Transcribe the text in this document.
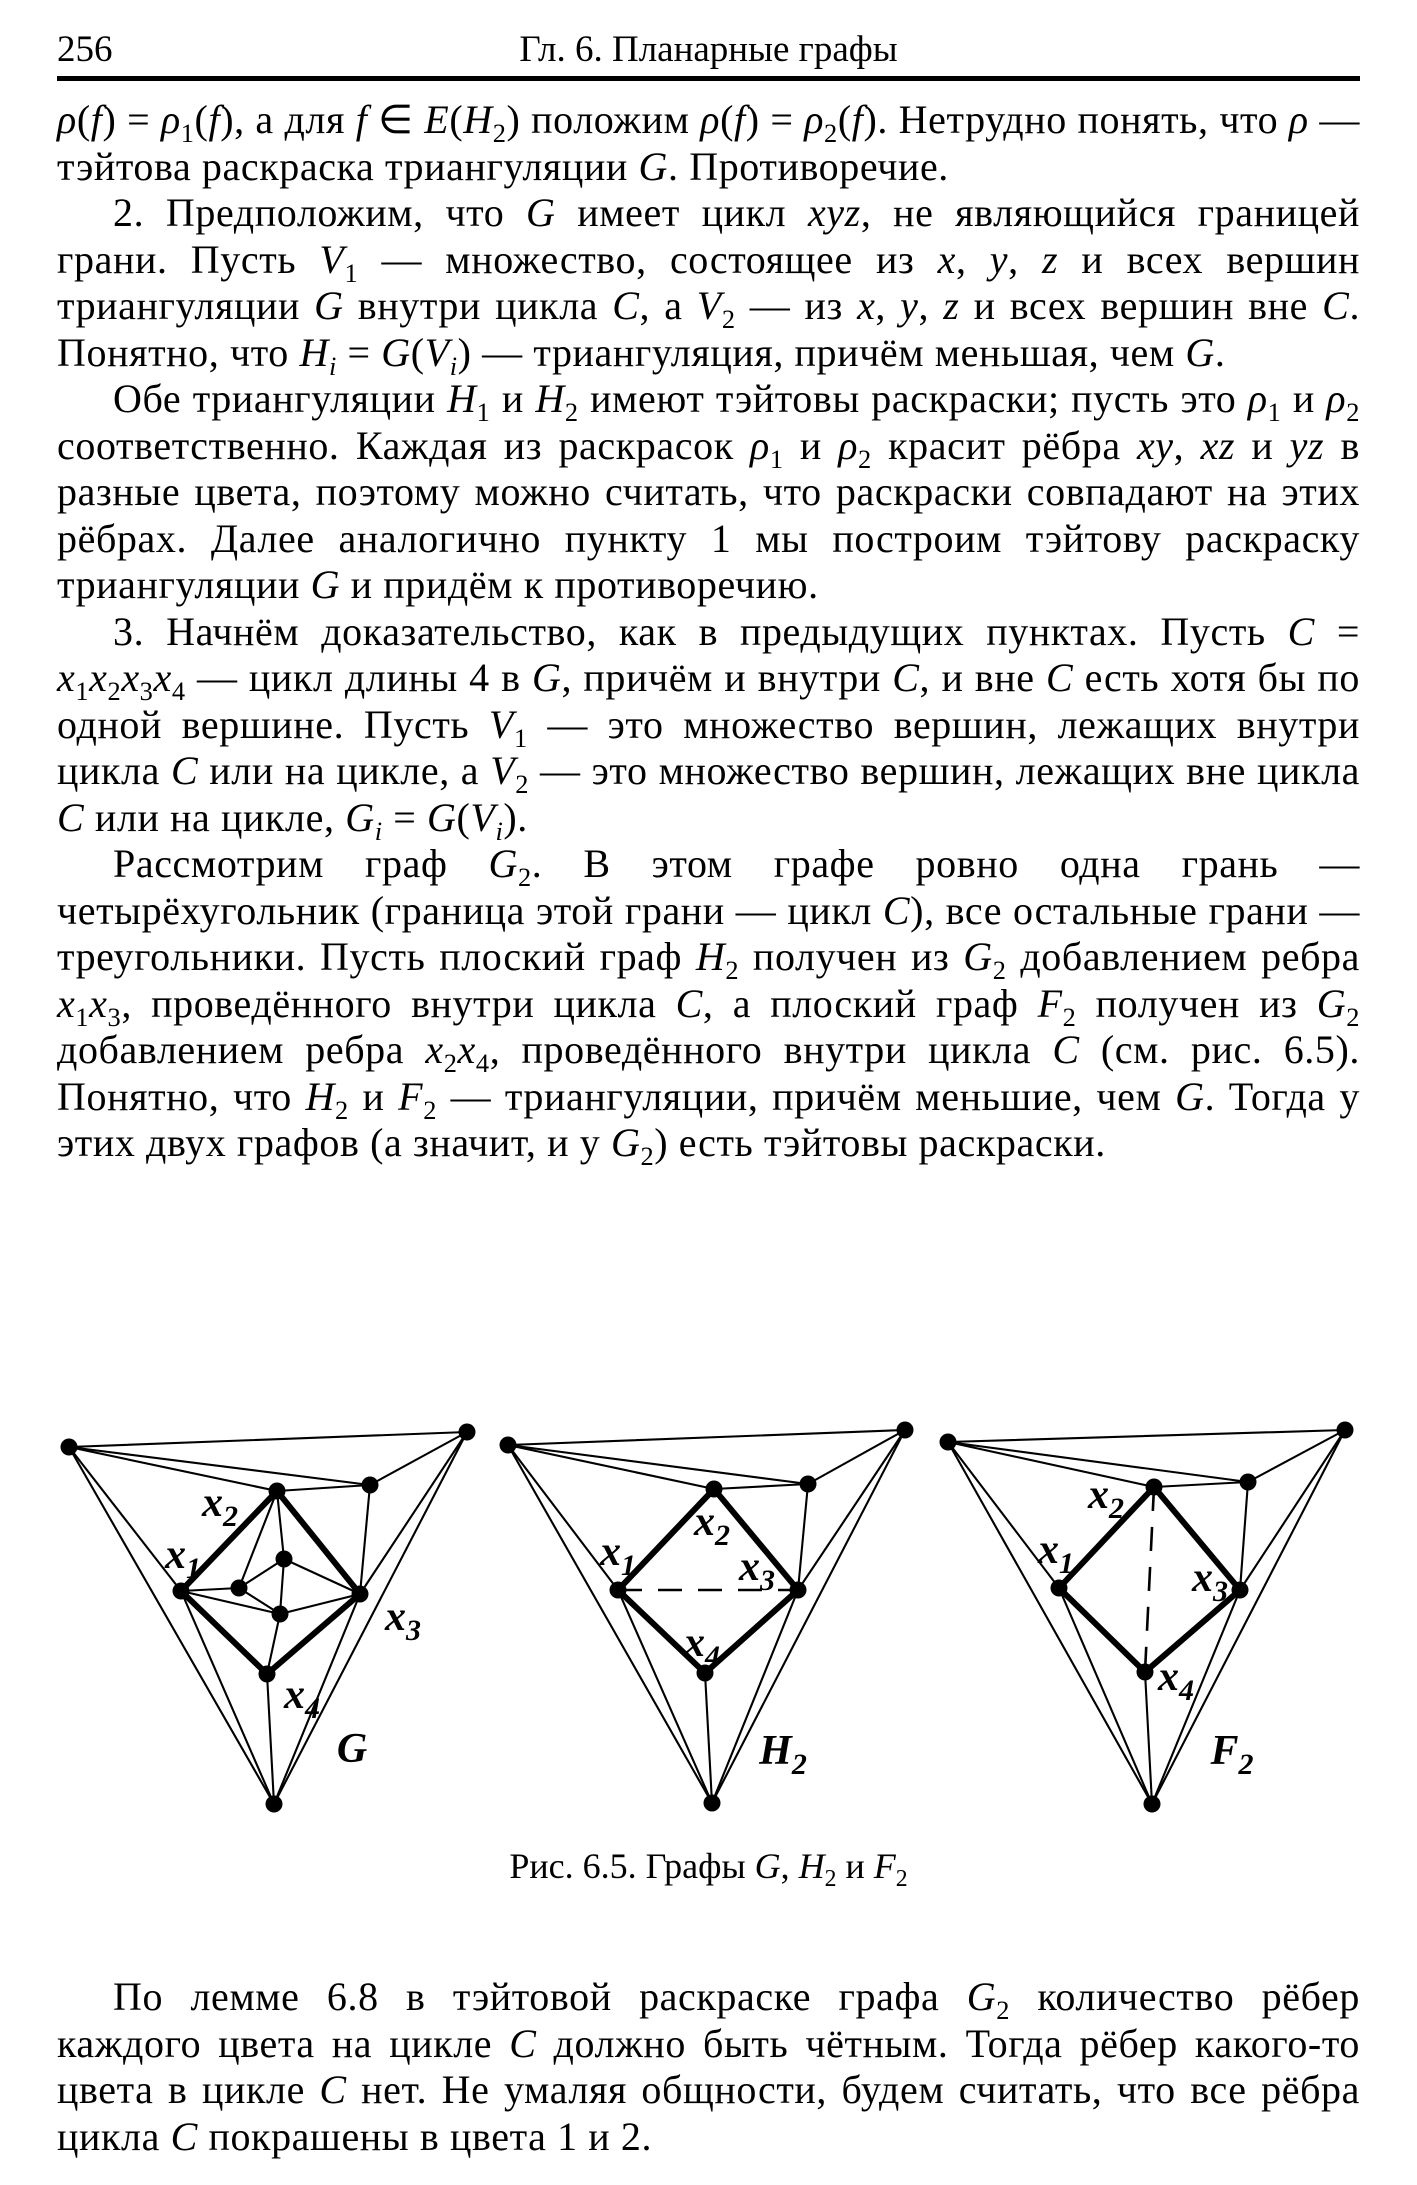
256	Гл. 6. Планарные графы

$\rho(f) = \rho_1(f)$, а для f ∈ $E(H_2)$ положим $\rho(f) = \rho_2(f)$. Нетрудно понять, что ρ — тэйтова раскраска триангуляции G. Противоречие.

2. Предположим, что G имеет цикл xyz, не являющийся границей грани. Пусть $V_1$ — множество, состоящее из x, y, z и всех вершин триангуляции G внутри цикла C, а $V_2$ — из x, y, z и всех вершин вне C. Понятно, что $H_i = G(V_i)$ — триангуляция, причём меньшая, чем G.

Обе триангуляции $H_1$ и $H_2$ имеют тэйтовы раскраски; пусть это $\rho_1$ и $\rho_2$ соответственно. Каждая из раскрасок $\rho_1$ и $\rho_2$ красит рёбра xy, xz и yz в разные цвета, поэтому можно считать, что раскраски совпадают на этих рёбрах. Далее аналогично пункту 1 мы построим тэйтову раскраску триангуляции G и придём к противоречию.

3. Начнём доказательство, как в предыдущих пунктах. Пусть $C = x_1x_2x_3x_4$ — цикл длины 4 в G, причём и внутри C, и вне C есть хотя бы по одной вершине. Пусть $V_1$ — это множество вершин, лежащих внутри цикла C или на цикле, а $V_2$ — это множество вершин, лежащих вне цикла C или на цикле, $G_i = G(V_i)$.

Рассмотрим граф $G_2$. В этом графе ровно одна грань — четырёхугольник (граница этой грани — цикл C), все остальные грани — треугольники. Пусть плоский граф $H_2$ получен из $G_2$ добавлением ребра $x_1x_3$, проведённого внутри цикла C, а плоский граф $F_2$ получен из $G_2$ добавлением ребра $x_2x_4$, проведённого внутри цикла C (см. рис. 6.5). Понятно, что $H_2$ и $F_2$ — триангуляции, причём меньшие, чем G. Тогда у этих двух графов (а значит, и у $G_2$) есть тэйтовы раскраски.

$x_2$
$x_1$
$x_3$
$x_4$
G
$x_2$
$x_1$ $x_3$
$x_4$
$H_2$
$x_2$
$x_1$	$x_3$
$x_4$
$F_2$
Рис. 6.5. Графы G, $H_2$ и $F_2$

По лемме 6.8 в тэйтовой раскраске графа $G_2$ количество рёбер каждого цвета на цикле C должно быть чётным. Тогда рёбер какого-то цвета в цикле C нет. Не умаляя общности, будем считать, что все рёбра цикла C покрашены в цвета 1 и 2.
